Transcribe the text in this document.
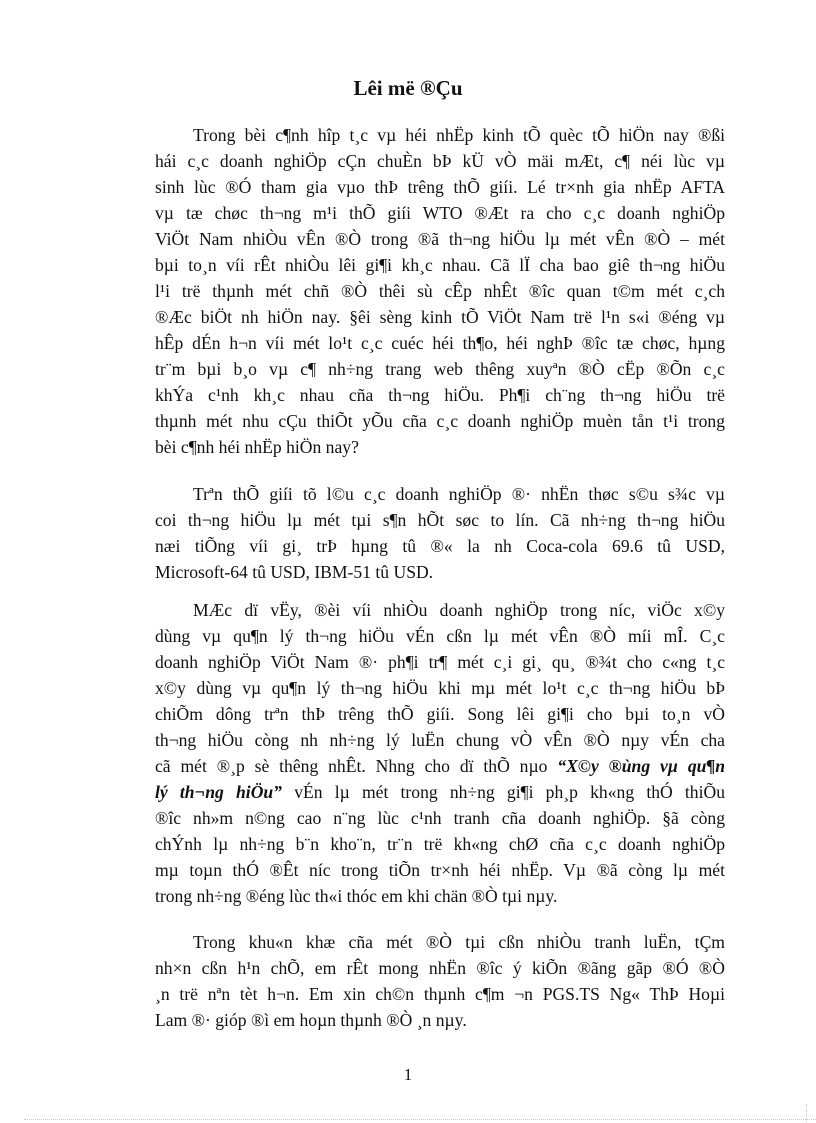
Lêi më ®Çu
Trong bèi c¶nh hîp t¸c vµ héi nhËp kinh tÕ quèc tÕ hiÖn nay ®ßi
hái c¸c doanh nghiÖp cÇn chuÈn bÞ kÜ vÒ mäi mÆt, c¶ néi lùc vµ
sinh lùc ®Ó tham gia vµo thÞ trêng thÕ giíi. Lé tr×nh gia nhËp AFTA
vµ tæ chøc th¬ng m¹i thÕ giíi WTO ®Æt ra cho c¸c doanh nghiÖp
ViÖt Nam nhiÒu vÊn ®Ò trong ®ã th¬ng hiÖu lµ mét vÊn ®Ò – mét
bµi to¸n víi rÊt nhiÒu lêi gi¶i kh¸c nhau. Cã lÏ cha bao giê th¬ng hiÖu
l¹i trë thµnh mét chñ ®Ò thêi sù cÊp nhÊt ®îc quan t©m mét c¸ch
®Æc biÖt nh hiÖn nay. §êi sèng kinh tÕ ViÖt Nam trë l¹n s«i ®éng vµ
hÊp dÉn h¬n víi mét lo¹t c¸c cuéc héi th¶o, héi nghÞ ®îc tæ chøc, hµng
tr¨m bµi b¸o vµ c¶ nh÷ng trang web thêng xuyªn ®Ò cËp ®Õn c¸c
khÝa c¹nh kh¸c nhau cña th¬ng hiÖu. Ph¶i ch¨ng th¬ng hiÖu trë
thµnh mét nhu cÇu thiÕt yÕu cña c¸c doanh nghiÖp muèn tån t¹i trong
bèi c¶nh héi nhËp hiÖn nay?
Trªn thÕ giíi tõ l©u c¸c doanh nghiÖp ®· nhËn thøc s©u s¾c vµ
coi th¬ng hiÖu lµ mét tµi s¶n hÕt søc to lín. Cã nh÷ng th¬ng hiÖu
næi tiÕng víi gi¸ trÞ hµng tû ®« la nh Coca-cola 69.6 tû USD,
Microsoft-64 tû USD, IBM-51 tû USD.
MÆc dï vËy, ®èi víi nhiÒu doanh nghiÖp trong níc, viÖc x©y
dùng vµ qu¶n lý th¬ng hiÖu vÉn cßn lµ mét vÊn ®Ò míi mÎ. C¸c
doanh nghiÖp ViÖt Nam ®· ph¶i tr¶ mét c¸i gi¸ qu¸ ®¾t cho c«ng t¸c
x©y dùng vµ qu¶n lý th¬ng hiÖu khi mµ mét lo¹t c¸c th¬ng hiÖu bÞ
chiÕm dông trªn thÞ trêng thÕ giíi. Song lêi gi¶i cho bµi to¸n vÒ
th¬ng hiÖu còng nh nh÷ng lý luËn chung vÒ vÊn ®Ò nµy vÉn cha
cã mét ®¸p sè thêng nhÊt. Nhng cho dï thÕ nµo “X©y ®ùng vµ qu¶n
lý th¬ng hiÖu” vÉn lµ mét trong nh÷ng gi¶i ph¸p kh«ng thÓ thiÕu
®îc nh»m n©ng cao n¨ng lùc c¹nh tranh cña doanh nghiÖp. §ã còng
chÝnh lµ nh÷ng b¨n kho¨n, tr¨n trë kh«ng chØ cña c¸c doanh nghiÖp
mµ toµn thÓ ®Êt níc trong tiÕn tr×nh héi nhËp. Vµ ®ã còng lµ mét
trong nh÷ng ®éng lùc th«i thóc em khi chän ®Ò tµi nµy.
Trong khu«n khæ cña mét ®Ò tµi cßn nhiÒu tranh luËn, tÇm
nh×n cßn h¹n chÕ, em rÊt mong nhËn ®îc ý kiÕn ®ãng gãp ®Ó ®Ò
¸n trë nªn tèt h¬n. Em xin ch©n thµnh c¶m ¬n PGS.TS Ng« ThÞ Hoµi
Lam ®· gióp ®ì em hoµn thµnh ®Ò ¸n nµy.
1
